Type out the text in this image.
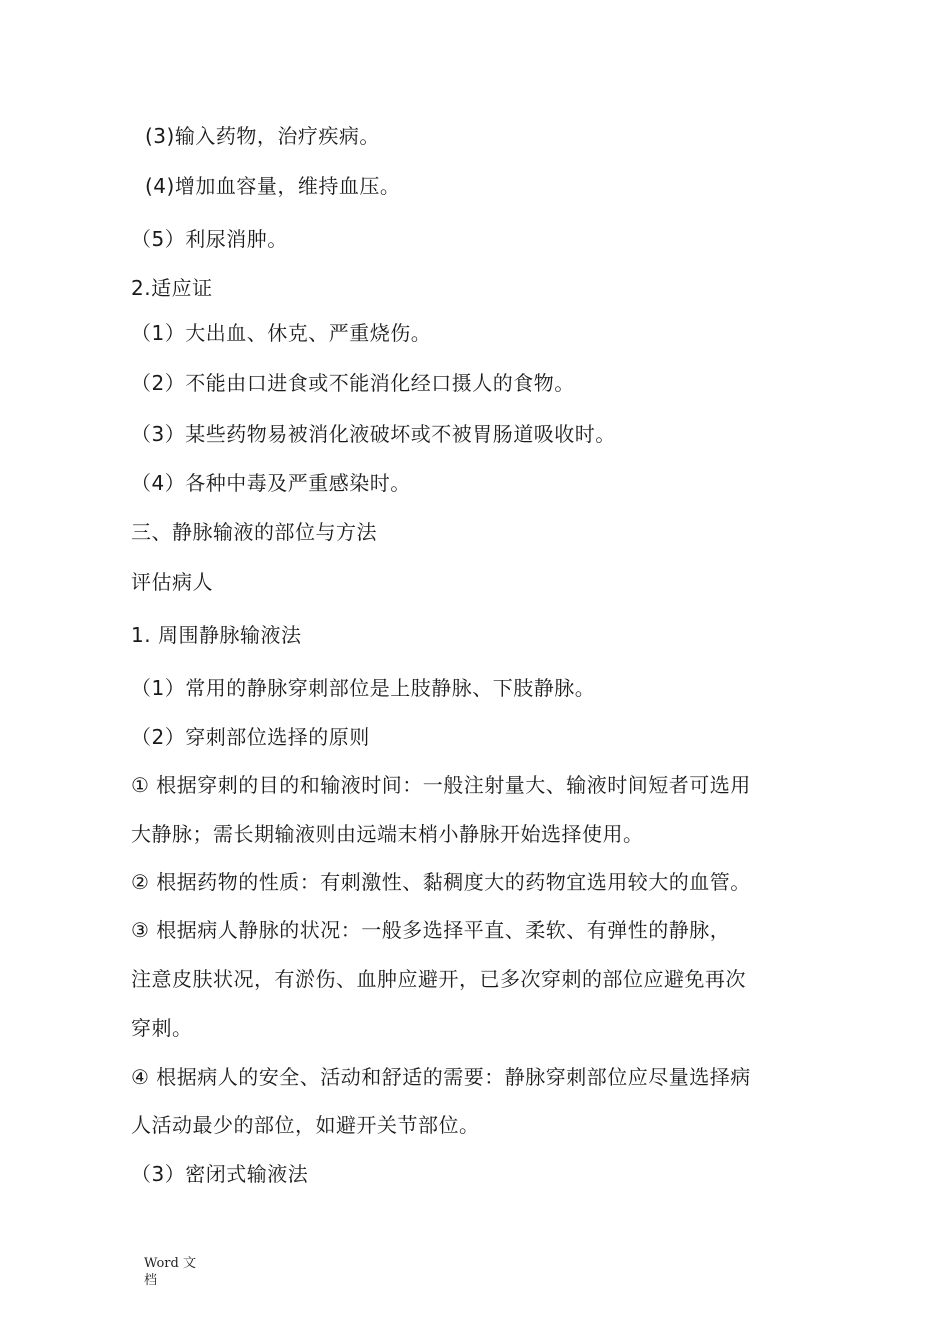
(3)输入药物，治疗疾病。
(4)增加血容量，维持血压。
（5）利尿消肿。
2.适应证
（1）大出血、休克、严重烧伤。
（2）不能由口进食或不能消化经口摄人的食物。
（3）某些药物易被消化液破坏或不被胃肠道吸收时。
（4）各种中毒及严重感染时。
三、静脉输液的部位与方法
评估病人
1. 周围静脉输液法
（1）常用的静脉穿刺部位是上肢静脉、下肢静脉。
（2）穿刺部位选择的原则
① 根据穿刺的目的和输液时间：一般注射量大、输液时间短者可选用
大静脉；需长期输液则由远端末梢小静脉开始选择使用。
② 根据药物的性质：有刺激性、黏稠度大的药物宜选用较大的血管。
③ 根据病人静脉的状况：一般多选择平直、柔软、有弹性的静脉，
注意皮肤状况，有淤伤、血肿应避开，已多次穿刺的部位应避免再次
穿刺。
④ 根据病人的安全、活动和舒适的需要：静脉穿刺部位应尽量选择病
人活动最少的部位，如避开关节部位。
（3）密闭式输液法
Word 文档
